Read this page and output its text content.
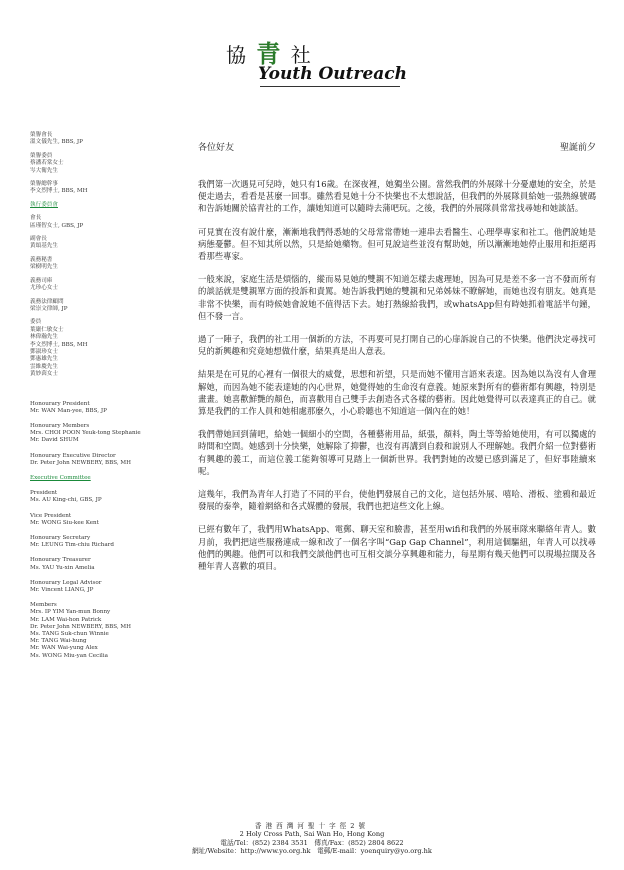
協 青 社
Youth Outreach
榮譽會長
溫文儀先生, BBS, JP
榮譽委員
蔡潘若棠女士
岑大衛先生
榮譽總幹事
李文烈博士, BBS, MH
執行委員會
會長
區瑾智女士, GBS, JP
副會長
黃頌基先生
義務秘書
梁樹明先生
義務司庫
尤珍心女士
義務法律顧問
梁崇文律師, JP
委員
葉嚴仁敏女士
林偉瀚先生
李文烈博士, BBS, MH
鄧淑珍女士
鄧惠雄先生
雲維慶先生
黃妙茵女士
Honourary President
Mr. WAN Man-yee, BBS, JP
Honourary Members
Mrs. CHOI POON Yeuk-tong Stephanie
Mr. David SHUM
Honourary Executive Director
Dr. Peter John NEWBERY, BBS, MH
Executive Committee
President
Ms. AU King-chi, GBS, JP
Vice President
Mr. WONG Siu-kee Kent
Honourary Secretary
Mr. LEUNG Tim-chiu Richard
Honourary Treasurer
Ms. YAU Yu-xin Amelia
Honourary Legal Advisor
Mr. Vincent LIANG, JP
Members
Mrs. IP YIM Yan-mun Bonny
Mr. LAM Wai-hon Patrick
Dr. Peter John NEWBERY, BBS, MH
Ms. TANG Suk-chun Winnie
Mr. TANG Wai-hung
Mr. WAN Wai-yung Alex
Ms. WONG Miu-yan Cecilia
各位好友	聖誕前夕

我們第一次遇見可兒時，她只有16歲。在深夜裡，她獨坐公園。當然我們的外展隊十分憂慮她的安全，於是便走過去，看看是甚麼一回事。雖然看見她十分不快樂也不太想說話，但我們的外展隊員給她一張熱線號碼和告訴她關於協青社的工作，讓她知道可以隨時去蒲吧玩。之後，我們的外展隊員常常找尋她和她談話。

可見實在沒有說什麼，漸漸地我們得悉她的父母常常帶她一連串去看醫生、心理學專家和社工。他們說她是病態憂鬱。但不知其所以然，只是給她藥物。但可見說這些並沒有幫助她，所以漸漸地她停止服用和拒絕再看那些專家。

一般來說，家庭生活是煩惱的，縱而易見她的雙親不知道怎樣去處理她，因為可見是差不多一言不發而所有的談話就是雙親單方面的投訴和責罵。她告訴我們她的雙親和兄弟姊妹不瞭解她，而她也沒有朋友。她真是非常不快樂，而有時候她會說她不值得活下去。她打熱線給我們，或whatsApp但有時她抓着電話半句鐘，但不發一言。

過了一陣子，我們的社工用一個新的方法，不再要可見打開自己的心扉訴說自己的不快樂。他們決定尋找可兒的新興趣和究竟她想做什麼，結果真是出人意表。

結果是在可見的心裡有一個很大的威覺，思想和祈望，只是而她不懂用言語來表達。因為她以為沒有人會理解她，而因為她不能表達她的內心世界，她覺得她的生命沒有意義。她原來對所有的藝術都有興趣，特別是畫畫。她喜歡鮮艷的顏色，而喜歡用自己雙手去創造各式各樣的藝術。因此她覺得可以表達真正的自己。就算是我們的工作人員和她相處那麼久，小心聆聽也不知道這一個內在的她！

我們帶她回到蒲吧，給她一個細小的空間，各種藝術用品，紙張，顏料，陶土等等給她使用，有可以獨處的時間和空間。她感到十分快樂，她解除了抑鬱，也沒有再講到自殺和說別人不理解她。我們介紹一位對藝術有興趣的義工，而這位義工能夠領導可見踏上一個新世界。我們對她的改變已感到滿足了，但好事陸續來呢。

這幾年，我們為青年人打造了不同的平台，使他們發展自己的文化，這包括外展、嘻哈、滑板、塗鴉和最近發展的泰拳，隨着網絡和各式媒體的發展，我們也把這些文化上線。

已經有數年了，我們用WhatsApp、電郵、聊天室和臉書，甚至用wifi和我們的外展車隊來聯絡年青人。數月前，我們把這些服務連成一線和改了一個名字叫“Gap Gap Channel”，利用這個驅紐，年青人可以找尋他們的興趣。他們可以和我們交談他們也可互相交談分享興趣和能力，每星期有幾天他們可以現場拉闊及各種年青人喜歡的項目。

香港西灣河聖十字徑2號
2 Holy Cross Path, Sai Wan Ho, Hong Kong
電話/Tel：(852) 2384 3531　傳真/Fax：(852) 2804 8622
網址/Website：http://www.yo.org.hk　電郵/E-mail：yoenquiry@yo.org.hk
